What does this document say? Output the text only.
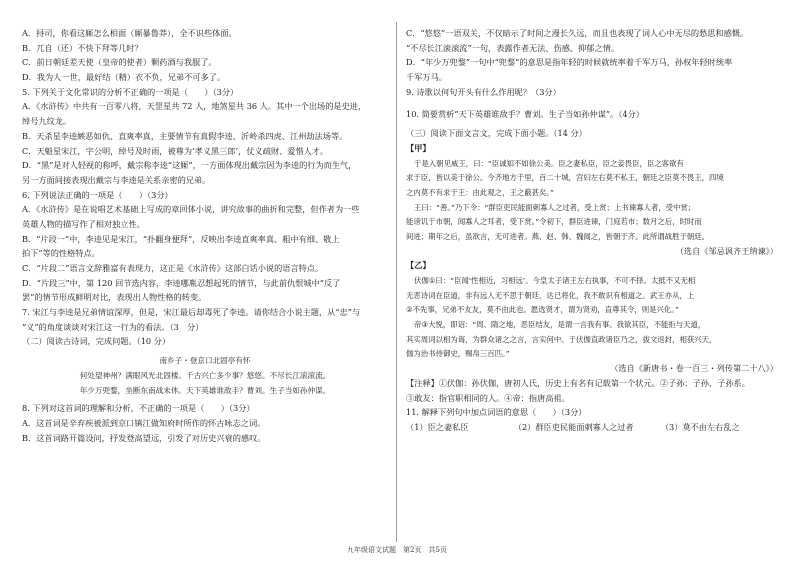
A．挦司，你看这厮怎么相面（厮暴鲁莽），全不识些体面。

B．兀自（还）不快下拜等几时？

C．前日朝廷差天使（皇帝的使者）颗药酒与我服了。

D．我为人一世，最好结（精）衣不负，兄弟不可多了。

5. 下列关于文化常识的分析不正确的一项是（　　）（3分）

A．《水浒传》中共有一百零八将，天罡星共 72 人，地煞星共 36 人。其中一个出场的是史进，

绰号九纹龙。

B．天杀星李逵嫉恶如仇、直爽率真，主要情节有真假李逵、沂岭杀四虎、江州劫法场等。

C．天魁星宋江，字公明，绰号及时雨，被尊为‘孝义黑三郎’，仗义疏财、爱惜人才。

D．“黑”是对人轻视的称呼，戴宗称李逵“这厮”，一方面体现出戴宗因为李逵的行为而生气，

另一方面间接表现出戴宗与李逵是关系亲密的兄弟。

6. 下列说法正确的一项是（　　）（3分）

A．《水浒传》是在说唱艺术基础上写成的章回体小说，讲究故事的曲折和完整，但作者为一些

英雄人物的描写作了相对独立性。

B．“片段一”中，李逵见是宋江，“扑翻身便拜”，反映出李逵直爽率真、粗中有细、敬上

拍下”等的性格特点。

C．“片段二”语言文辞雅富有表现力，这正是《水浒传》这部白话小说的语言特点。

D．“片段三”中，第 120 回节选内容，李逵哪胤忍想起死的情节，与此前仇恨城中“反了

罢”的情节形成鲜明对比，表现出人物性格的转变。

7. 宋江与李逵是兄弟情谊深厚，但是，宋江最后却毒死了李逵。请你结合小说主题，从“忠”与

“义”的角度谈谈对宋江这一行为的看法。（3　分）

（二）阅读古诗词，完成问题。（10 分）

南乡子・登京口北固亭有怀

何处望神州？满眼风光北固楼。千古兴亡多少事？悠悠。不尽长江滚滚流。

年少万兜鍪，坐断东南战未休。天下英雄谁敌手？曹刘。生子当如孙仲谋。

8. 下列对这首词的理解和分析，不正确的一项是（　　）（3分）

A．这首词是辛弃疾被派到京口镇江做知府时所作的怀古咏志之词。

B．这首词路开篇设问，抒发登高望远，引发了对历史兴衰的感叹。

C．“悠悠”一语双关，不仅暗示了时间之漫长久远，而且也表现了词人心中无尽的愁思和感慨。

“不尽长江滚滚流”一句，表露作者无法、伤感、抑郁之情。

D．“年少万兜鍪”一句中“兜鍪”的意思是指年轻的时候就统率着千军万马，孙权年轻时统率

千军万马。

9. 诗歌以何句开头有什么作用呢？（3分）

10. 简要赏析“天下英雄谁敌手？曹刘。生子当如孙仲谋”。（4分）

（三）阅读下面文言文，完成下面小题。（14 分）

【甲】

于是入朝见威王，曰：“臣诚知不如徐公美。臣之妻私臣，臣之妾畏臣，臣之客欲有

求于臣，皆以美于徐公。今齐地方千里，百二十城，宫妇左右莫不私王，朝廷之臣莫不畏王，四境

之内莫不有求于王：由此观之，王之蔽甚矣。”

王曰：“善。”乃下令：“群臣吏民能面刺寡人之过者，受上赏；上书谏寡人者，受中赏；

能谤讥于市朝，闻寡人之耳者，受下赏。”令初下，群臣进谏，门庭若市；数月之后，时时而

间进；期年之后，虽欲言，无可进者。燕、赵、韩、魏闻之，皆朝于齐。此所谓战胜于朝廷。

（选自《邹忌讽齐王纳谏》）

【乙】

伏伽①曰：“臣闻‘性相近，习相远’。今皇太子诸王左右执事，不可不择。太抵不又无相

无恶诗词在臣道，非有远入无不思于朝廷，达已将化，我不敢识有相道之。武王亦从，上

②不先事，兄弟不友友，莫不由此也。愿选贤才，谓为贤劝，直尊其令，则是兴化。”

帝③大悦，即诏：“周、隋之地，恶臣结友，是谓一言我有事。我欲其臣，不能拒与天道，

其实周词以相为诲，为群众诸之之言，言实何中。于伏伽直政诸臣乃之，拔文返封，相获兴天，

伽为治书侍御史，赐帛三百匹。”

（选自《新唐书・卷一百三・列传第二十八》）

【注释】①伏伽：孙伏伽，唐初人氏，历史上有名有记载第一个状元。②子孙：子孙，子孙系。

③敢友：指官职相同的人。④帝：指唐高祖。

11. 解释下列句中加点词语的意思（　　）（3分）

（1）臣之妻私臣	（2）群臣吏民能面刺寡人之过者	（3）莫不由左右乱之

九年级语文试题　第2页　共5页
